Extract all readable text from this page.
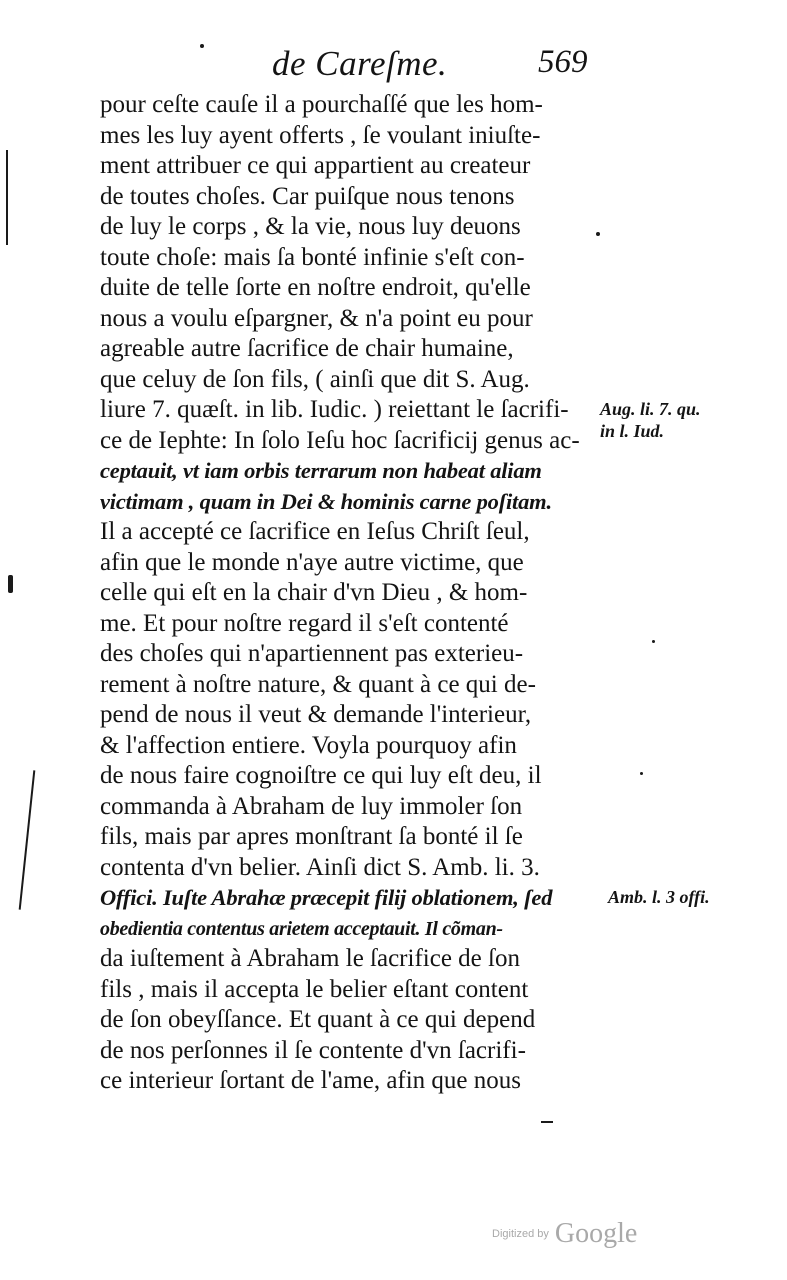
de Careſme.	569
pour ceſte cauſe il a pourchaſſé que les hom-
mes les luy ayent offerts , ſe voulant iniuſte-
ment attribuer ce qui appartient au createur
de toutes choſes. Car puiſque nous tenons
de luy le corps , & la vie, nous luy deuons
toute choſe: mais ſa bonté infinie s'eſt con-
duite de telle ſorte en noſtre endroit, qu'elle
nous a voulu eſpargner, & n'a point eu pour
agreable autre ſacrifice de chair humaine,
que celuy de ſon fils, ( ainſi que dit S. Aug.
liure 7. quæſt. in lib. Iudic. ) reiettant le ſacrifi-
ce de Iephte: In ſolo Ieſu hoc ſacrificij genus ac-
ceptauit, vt iam orbis terrarum non habeat aliam
victimam , quam in Dei & hominis carne poſitam.
Il a accepté ce ſacrifice en Ieſus Chriſt ſeul,
afin que le monde n'aye autre victime, que
celle qui eſt en la chair d'vn Dieu , & hom-
me. Et pour noſtre regard il s'eſt contenté
des choſes qui n'apartiennent pas exterieu-
rement à noſtre nature, & quant à ce qui de-
pend de nous il veut & demande l'interieur,
& l'affection entiere. Voyla pourquoy afin
de nous faire cognoiſtre ce qui luy eſt deu, il
commanda à Abraham de luy immoler ſon
fils, mais par apres monſtrant ſa bonté il ſe
contenta d'vn belier. Ainſi dict S. Amb. li. 3.
Offici. Iuſte Abrahæ præcepit filij oblationem, ſed
obedientia contentus arietem acceptauit. Il cõman-
da iuſtement à Abraham le ſacrifice de ſon
fils , mais il accepta le belier eſtant content
de ſon obeyſſance. Et quant à ce qui depend
de nos perſonnes il ſe contente d'vn ſacrifi-
ce interieur ſortant de l'ame, afin que nous
Aug. li. 7. qu.
in l. Iud.
Amb. l. 3 offi.
Digitized by Google
